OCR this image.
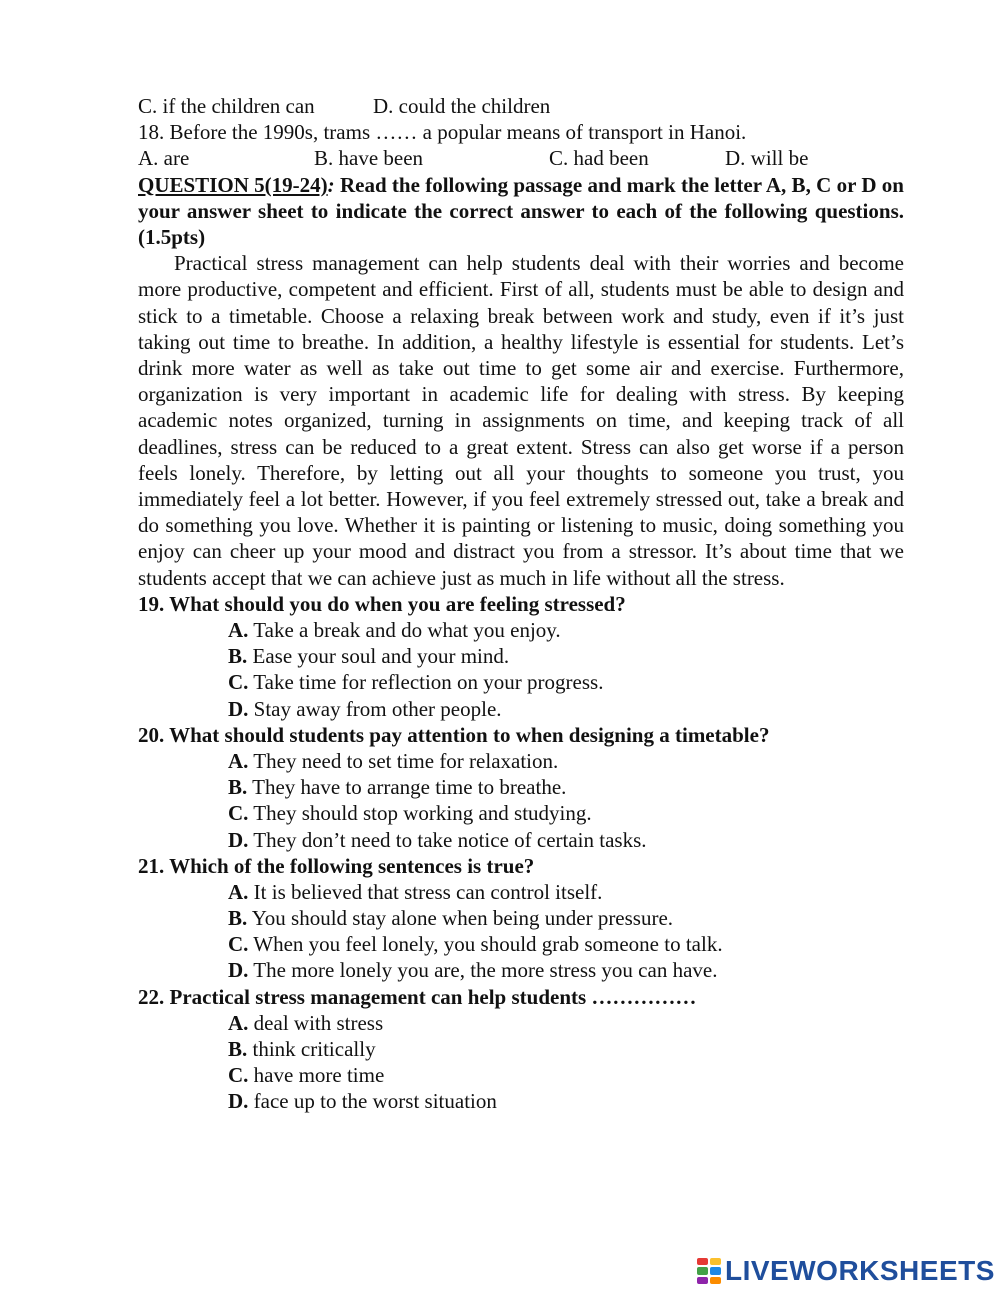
C. if the children can	D. could the children
18. Before the 1990s, trams …… a popular means of transport in Hanoi.
A. are	B. have been	C. had been	D. will be
QUESTION 5(19-24): Read the following passage and mark the letter A, B, C or D on your answer sheet to indicate the correct answer to each of the following questions. (1.5pts)

Practical stress management can help students deal with their worries and become more productive, competent and efficient. First of all, students must be able to design and stick to a timetable. Choose a relaxing break between work and study, even if it’s just taking out time to breathe. In addition, a healthy lifestyle is essential for students. Let’s drink more water as well as take out time to get some air and exercise. Furthermore, organization is very important in academic life for dealing with stress. By keeping academic notes organized, turning in assignments on time, and keeping track of all deadlines, stress can be reduced to a great extent. Stress can also get worse if a person feels lonely. Therefore, by letting out all your thoughts to someone you trust, you immediately feel a lot better. However, if you feel extremely stressed out, take a break and do something you love. Whether it is painting or listening to music, doing something you enjoy can cheer up your mood and distract you from a stressor. It’s about time that we students accept that we can achieve just as much in life without all the stress.

19. What should you do when you are feeling stressed?
A. Take a break and do what you enjoy.
B. Ease your soul and your mind.
C. Take time for reflection on your progress.
D. Stay away from other people.
20. What should students pay attention to when designing a timetable?
A. They need to set time for relaxation.
B. They have to arrange time to breathe.
C. They should stop working and studying.
D. They don’t need to take notice of certain tasks.
21. Which of the following sentences is true?
A. It is believed that stress can control itself.
B. You should stay alone when being under pressure.
C. When you feel lonely, you should grab someone to talk.
D. The more lonely you are, the more stress you can have.
22. Practical stress management can help students ……………
A. deal with stress
B. think critically
C. have more time
D. face up to the worst situation
LIVEWORKSHEETS
